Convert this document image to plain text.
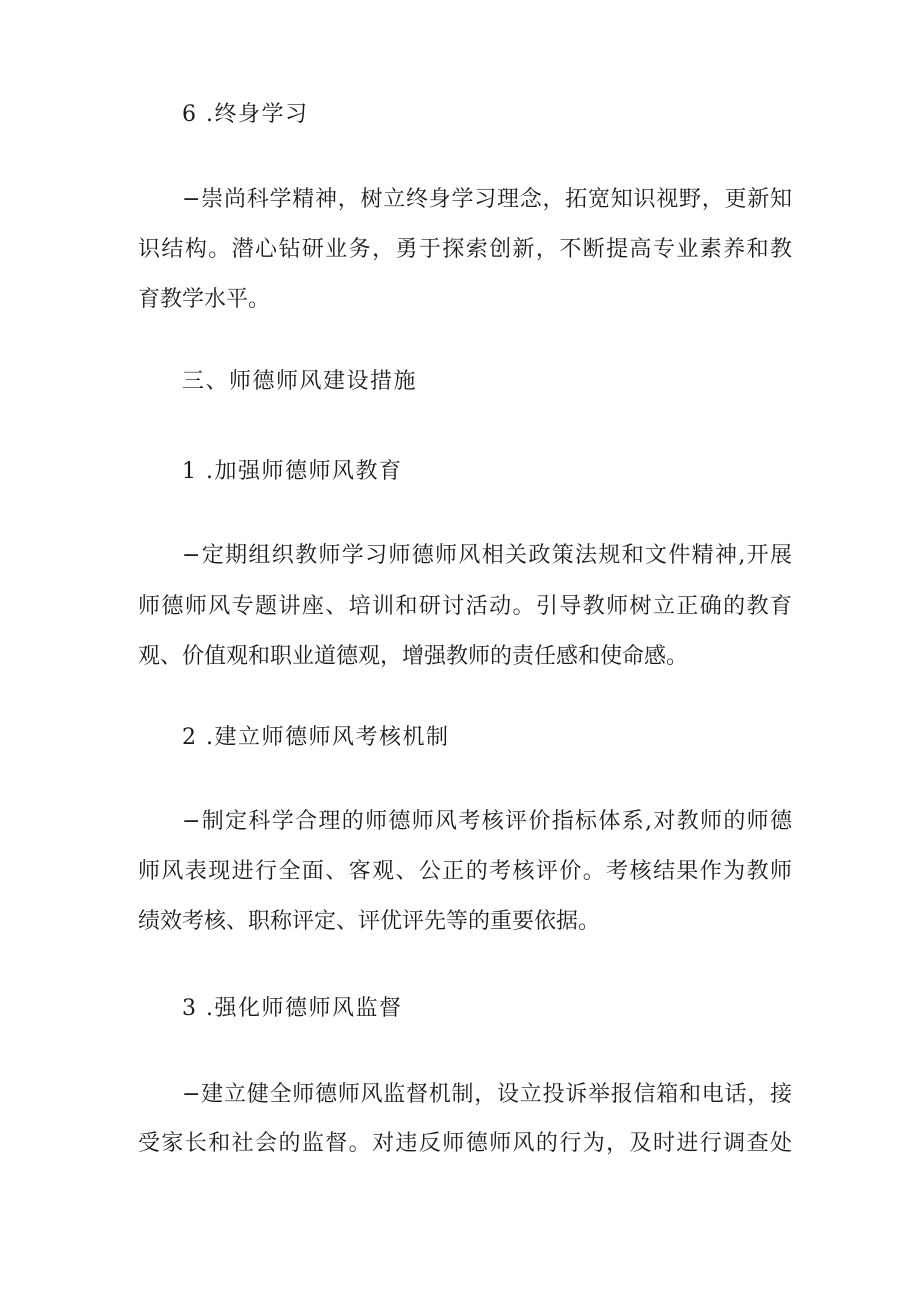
6 .终身学习
−崇尚科学精神，树立终身学习理念，拓宽知识视野，更新知
识结构。潜心钻研业务，勇于探索创新，不断提高专业素养和教
育教学水平。
三、师德师风建设措施
1 .加强师德师风教育
−定期组织教师学习师德师风相关政策法规和文件精神,开展
师德师风专题讲座、培训和研讨活动。引导教师树立正确的教育
观、价值观和职业道德观，增强教师的责任感和使命感。
2 .建立师德师风考核机制
−制定科学合理的师德师风考核评价指标体系,对教师的师德
师风表现进行全面、客观、公正的考核评价。考核结果作为教师
绩效考核、职称评定、评优评先等的重要依据。
3 .强化师德师风监督
−建立健全师德师风监督机制，设立投诉举报信箱和电话，接
受家长和社会的监督。对违反师德师风的行为，及时进行调查处
